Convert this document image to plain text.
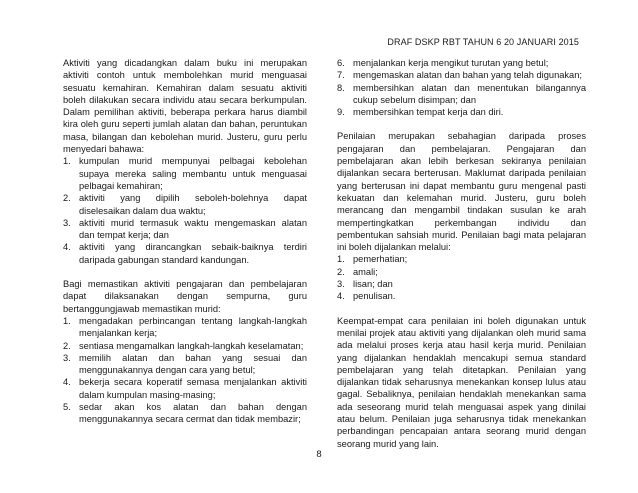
DRAF DSKP RBT TAHUN 6 20 JANUARI 2015

Aktiviti yang dicadangkan dalam buku ini merupakan aktiviti contoh untuk membolehkan murid menguasai sesuatu kemahiran. Kemahiran dalam sesuatu aktiviti boleh dilakukan secara individu atau secara berkumpulan. Dalam pemilihan aktiviti, beberapa perkara harus diambil kira oleh guru seperti jumlah alatan dan bahan, peruntukan masa, bilangan dan kebolehan murid. Justeru, guru perlu menyedari bahawa:

1. kumpulan murid mempunyai pelbagai kebolehan supaya mereka saling membantu untuk menguasai pelbagai kemahiran;
2. aktiviti yang dipilih seboleh-bolehnya dapat diselesaikan dalam dua waktu;
3. aktiviti murid termasuk waktu mengemaskan alatan dan tempat kerja; dan
4. aktiviti yang dirancangkan sebaik-baiknya terdiri daripada gabungan standard kandungan.

Bagi memastikan aktiviti pengajaran dan pembelajaran dapat dilaksanakan dengan sempurna, guru bertanggungjawab memastikan murid:

1. mengadakan perbincangan tentang langkah-langkah menjalankan kerja;
2. sentiasa mengamalkan langkah-langkah keselamatan;
3. memilih alatan dan bahan yang sesuai dan menggunakannya dengan cara yang betul;
4. bekerja secara koperatif semasa menjalankan aktiviti dalam kumpulan masing-masing;
5. sedar akan kos alatan dan bahan dengan menggunakannya secara cermat dan tidak membazir;
6. menjalankan kerja mengikut turutan yang betul;
7. mengemaskan alatan dan bahan yang telah digunakan;
8. membersihkan alatan dan menentukan bilangannya cukup sebelum disimpan; dan
9. membersihkan tempat kerja dan diri.

Penilaian merupakan sebahagian daripada proses pengajaran dan pembelajaran. Pengajaran dan pembelajaran akan lebih berkesan sekiranya penilaian dijalankan secara berterusan. Maklumat daripada penilaian yang berterusan ini dapat membantu guru mengenal pasti kekuatan dan kelemahan murid. Justeru, guru boleh merancang dan mengambil tindakan susulan ke arah mempertingkatkan perkembangan individu dan pembentukan sahsiah murid. Penilaian bagi mata pelajaran ini boleh dijalankan melalui:

1. pemerhatian;
2. amali;
3. lisan; dan
4. penulisan.

Keempat-empat cara penilaian ini boleh digunakan untuk menilai projek atau aktiviti yang dijalankan oleh murid sama ada melalui proses kerja atau hasil kerja murid. Penilaian yang dijalankan hendaklah mencakupi semua standard pembelajaran yang telah ditetapkan. Penilaian yang dijalankan tidak seharusnya menekankan konsep lulus atau gagal. Sebaliknya, penilaian hendaklah menekankan sama ada seseorang murid telah menguasai aspek yang dinilai atau belum. Penilaian juga seharusnya tidak menekankan perbandingan pencapaian antara seorang murid dengan seorang murid yang lain.

8
